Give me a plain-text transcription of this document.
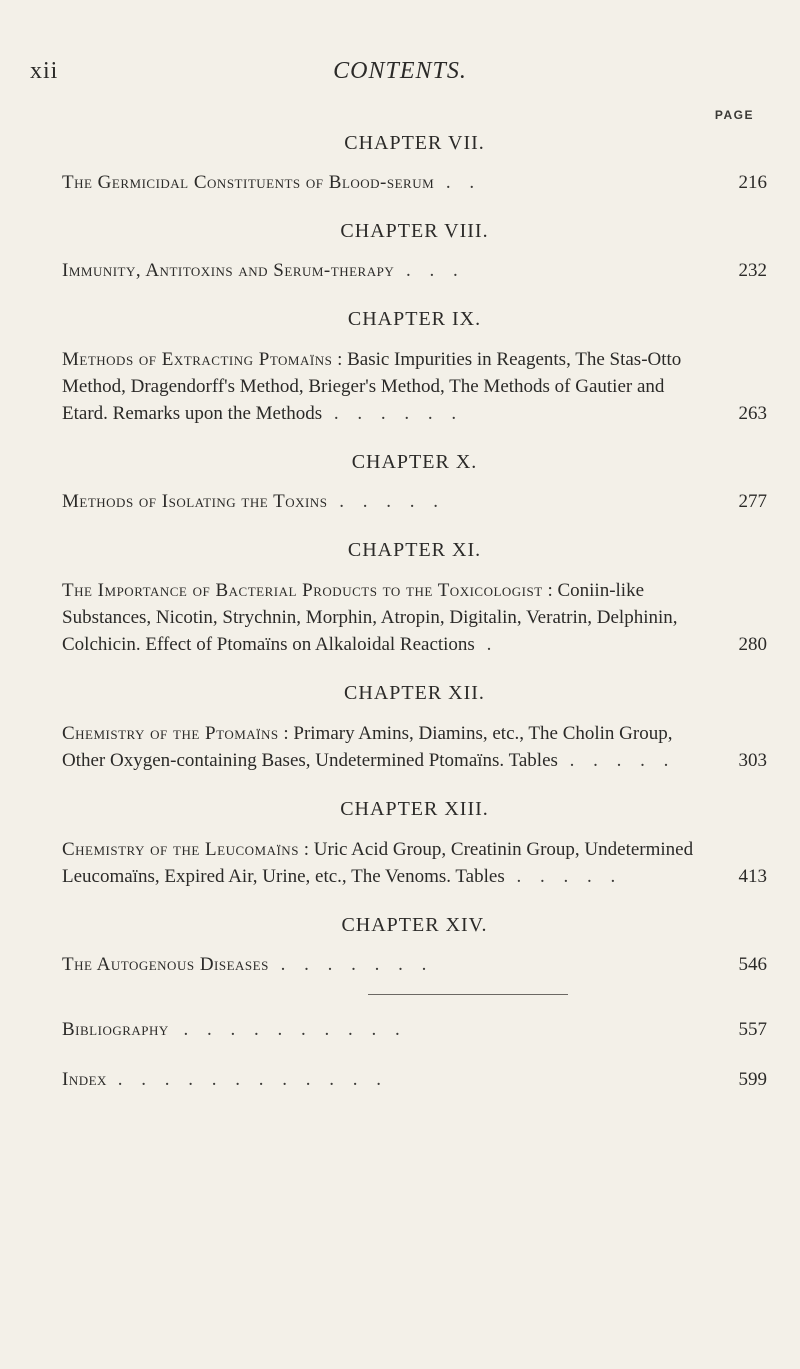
xii	CONTENTS.
PAGE
CHAPTER VII.
The Germicidal Constituents of Blood-serum . .	216
CHAPTER VIII.
Immunity, Antitoxins and Serum-therapy . . .	232
CHAPTER IX.
Methods of Extracting Ptomaïns : Basic Impurities in Reagents, The Stas-Otto Method, Dragendorff's Method, Brieger's Method, The Methods of Gautier and Etard. Remarks upon the Methods . . . . . .	263
CHAPTER X.
Methods of Isolating the Toxins . . . . .	277
CHAPTER XI.
The Importance of Bacterial Products to the Toxicologist : Coniin-like Substances, Nicotin, Strychnin, Morphin, Atropin, Digitalin, Veratrin, Delphinin, Colchicin. Effect of Ptomaïns on Alkaloidal Reactions .	280
CHAPTER XII.
Chemistry of the Ptomaïns : Primary Amins, Diamins, etc., The Cholin Group, Other Oxygen-containing Bases, Undetermined Ptomaïns. Tables . . . . .	303
CHAPTER XIII.
Chemistry of the Leucomaïns : Uric Acid Group, Creatinin Group, Undetermined Leucomaïns, Expired Air, Urine, etc., The Venoms. Tables . . . . .	413
CHAPTER XIV.
The Autogenous Diseases . . . . . . .	546
Bibliography . . . . . . . . . .	557
Index . . . . . . . . . . . .	599
